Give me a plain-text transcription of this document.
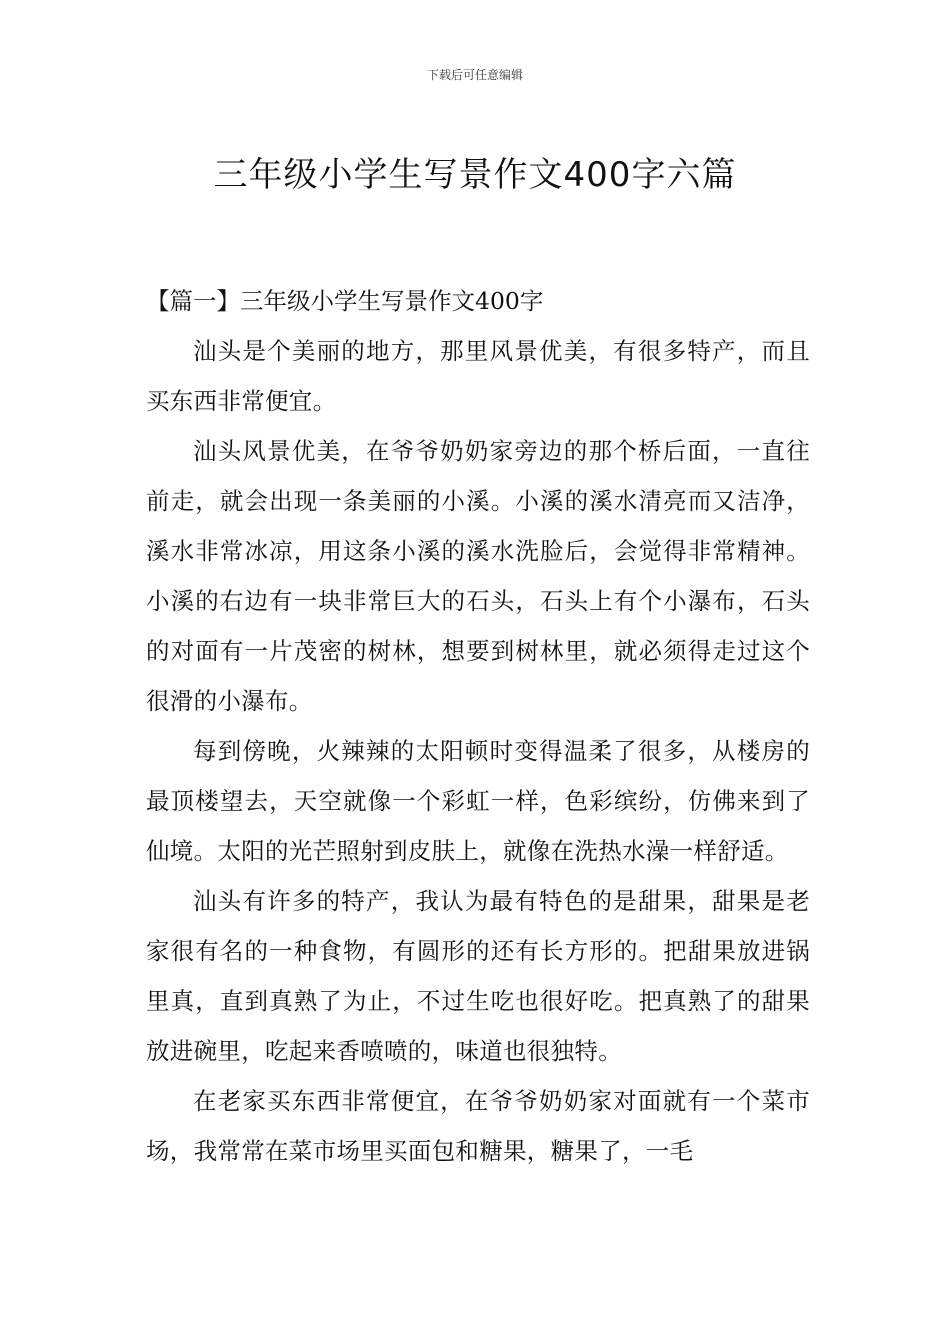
下载后可任意编辑
三年级小学生写景作文400字六篇

【篇一】三年级小学生写景作文400字

汕头是个美丽的地方，那里风景优美，有很多特产，而且买东西非常便宜。

汕头风景优美，在爷爷奶奶家旁边的那个桥后面，一直往前走，就会出现一条美丽的小溪。小溪的溪水清亮而又洁净，溪水非常冰凉，用这条小溪的溪水洗脸后，会觉得非常精神。小溪的右边有一块非常巨大的石头，石头上有个小瀑布，石头的对面有一片茂密的树林，想要到树林里，就必须得走过这个很滑的小瀑布。

每到傍晚，火辣辣的太阳顿时变得温柔了很多，从楼房的最顶楼望去，天空就像一个彩虹一样，色彩缤纷，仿佛来到了仙境。太阳的光芒照射到皮肤上，就像在洗热水澡一样舒适。

汕头有许多的特产，我认为最有特色的是甜果，甜果是老家很有名的一种食物，有圆形的还有长方形的。把甜果放进锅里真，直到真熟了为止，不过生吃也很好吃。把真熟了的甜果放进碗里，吃起来香喷喷的，味道也很独特。

在老家买东西非常便宜，在爷爷奶奶家对面就有一个菜市场，我常常在菜市场里买面包和糖果，糖果了，一毛
